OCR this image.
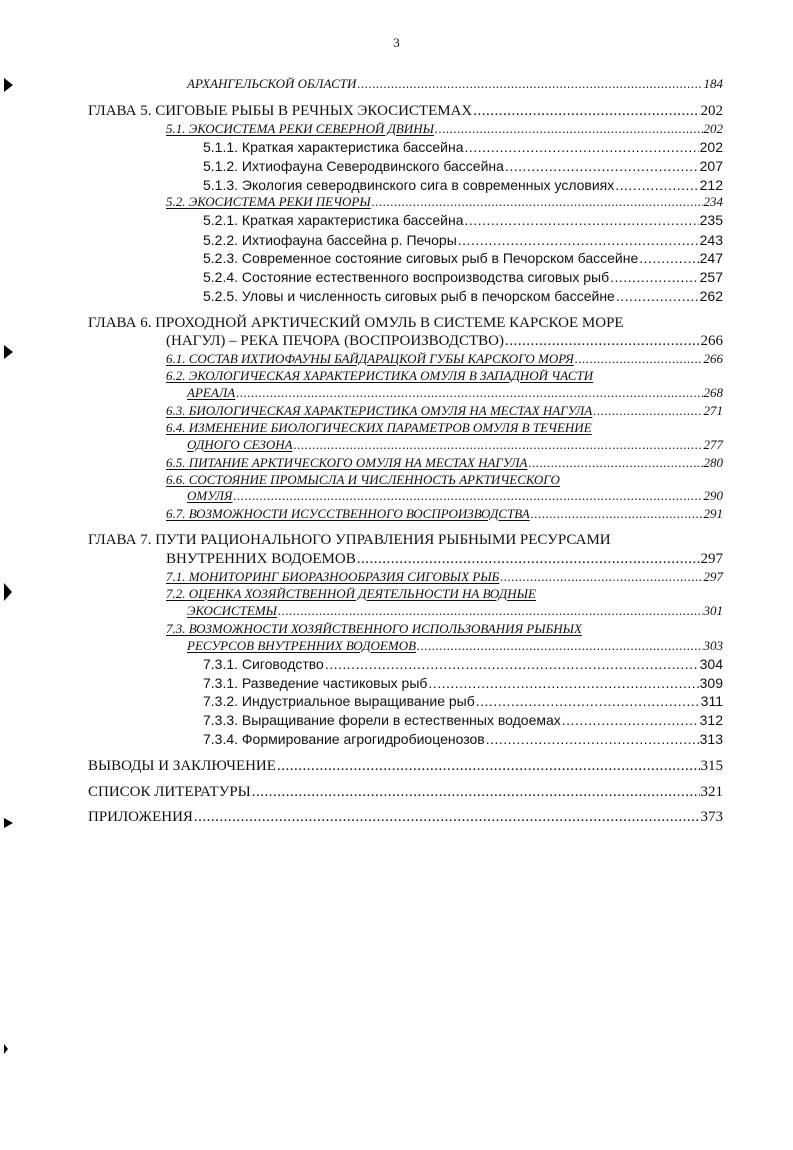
3
АРХАНГЕЛЬСКОЙ ОБЛАСТИ .....	184
ГЛАВА 5. СИГОВЫЕ РЫБЫ В РЕЧНЫХ ЭКОСИСТЕМАХ .....	202
5.1. ЭКОСИСТЕМА РЕКИ СЕВЕРНОЙ ДВИНЫ .....	202
5.1.1. Краткая характеристика бассейна .....	202
5.1.2. Ихтиофауна Северодвинского бассейна .....	207
5.1.3. Экология северодвинского сига в современных условиях .....	212
5.2. ЭКОСИСТЕМА РЕКИ ПЕЧОРЫ .....	234
5.2.1. Краткая характеристика бассейна .....	235
5.2.2. Ихтиофауна бассейна р. Печоры .....	243
5.2.3. Современное состояние сиговых рыб в Печорском бассейне .....	247
5.2.4. Состояние естественного воспроизводства сиговых рыб .....	257
5.2.5. Уловы и численность сиговых рыб в печорском бассейне .....	262
ГЛАВА 6. ПРОХОДНОЙ АРКТИЧЕСКИЙ ОМУЛЬ В СИСТЕМЕ КАРСКОЕ МОРЕ
(НАГУЛ) – РЕКА ПЕЧОРА (ВОСПРОИЗВОДСТВО) .....	266
6.1. СОСТАВ ИХТИОФАУНЫ БАЙДАРАЦКОЙ ГУБЫ КАРСКОГО МОРЯ .....	266
6.2. ЭКОЛОГИЧЕСКАЯ ХАРАКТЕРИСТИКА ОМУЛЯ В ЗАПАДНОЙ ЧАСТИ
АРЕАЛА .....	268
6.3. БИОЛОГИЧЕСКАЯ ХАРАКТЕРИСТИКА ОМУЛЯ НА МЕСТАХ НАГУЛА .....	271
6.4. ИЗМЕНЕНИЕ БИОЛОГИЧЕСКИХ ПАРАМЕТРОВ ОМУЛЯ В ТЕЧЕНИЕ
ОДНОГО СЕЗОНА .....	277
6.5. ПИТАНИЕ АРКТИЧЕСКОГО ОМУЛЯ НА МЕСТАХ НАГУЛА .....	280
6.6. СОСТОЯНИЕ ПРОМЫСЛА И ЧИСЛЕННОСТЬ АРКТИЧЕСКОГО
ОМУЛЯ .....	290
6.7. ВОЗМОЖНОСТИ ИСУССТВЕННОГО ВОСПРОИЗВОДСТВА .....	291
ГЛАВА 7. ПУТИ РАЦИОНАЛЬНОГО УПРАВЛЕНИЯ РЫБНЫМИ РЕСУРСАМИ
ВНУТРЕННИХ ВОДОЕМОВ .....	297
7.1. МОНИТОРИНГ БИОРАЗНООБРАЗИЯ СИГОВЫХ РЫБ .....	297
7.2. ОЦЕНКА ХОЗЯЙСТВЕННОЙ ДЕЯТЕЛЬНОСТИ НА ВОДНЫЕ
ЭКОСИСТЕМЫ .....	301
7.3. ВОЗМОЖНОСТИ ХОЗЯЙСТВЕННОГО ИСПОЛЬЗОВАНИЯ РЫБНЫХ
РЕСУРСОВ ВНУТРЕННИХ ВОДОЕМОВ .....	303
7.3.1. Сиговодство .....	304
7.3.1. Разведение частиковых рыб .....	309
7.3.2. Индустриальное выращивание рыб .....	311
7.3.3. Выращивание форели в естественных водоемах .....	312
7.3.4. Формирование агрогидробиоценозов .....	313
ВЫВОДЫ И ЗАКЛЮЧЕНИЕ .....	315
СПИСОК ЛИТЕРАТУРЫ .....	321
ПРИЛОЖЕНИЯ .....	373
